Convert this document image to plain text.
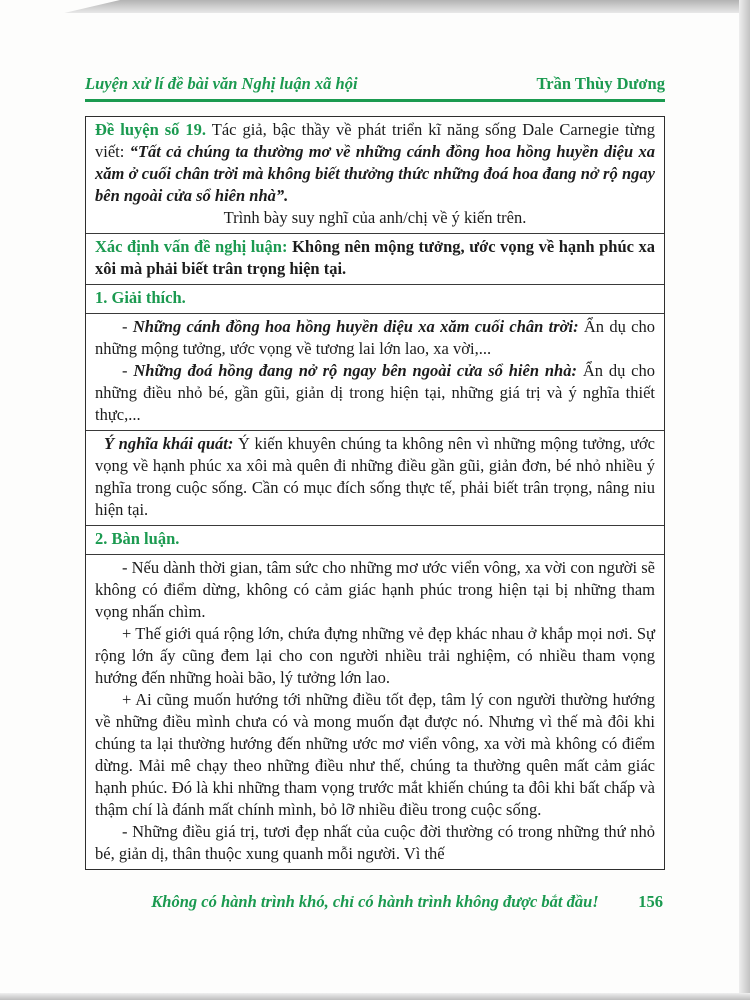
Luyện xử lí đề bài văn Nghị luận xã hội	Trần Thùy Dương

Đề luyện số 19. Tác giả, bậc thầy về phát triển kĩ năng sống Dale Carnegie từng viết: “Tất cả chúng ta thường mơ về những cánh đồng hoa hồng huyền diệu xa xăm ở cuối chân trời mà không biết thưởng thức những đoá hoa đang nở rộ ngay bên ngoài cửa sổ hiên nhà”.

Trình bày suy nghĩ của anh/chị về ý kiến trên.

Xác định vấn đề nghị luận: Không nên mộng tưởng, ước vọng về hạnh phúc xa xôi mà phải biết trân trọng hiện tại.

1. Giải thích.

- Những cánh đồng hoa hồng huyền diệu xa xăm cuối chân trời: Ẩn dụ cho những mộng tưởng, ước vọng về tương lai lớn lao, xa vời,...

- Những đoá hồng đang nở rộ ngay bên ngoài cửa sổ hiên nhà: Ẩn dụ cho những điều nhỏ bé, gần gũi, giản dị trong hiện tại, những giá trị và ý nghĩa thiết thực,...

Ý nghĩa khái quát: Ý kiến khuyên chúng ta không nên vì những mộng tưởng, ước vọng về hạnh phúc xa xôi mà quên đi những điều gần gũi, giản đơn, bé nhỏ nhiều ý nghĩa trong cuộc sống. Cần có mục đích sống thực tế, phải biết trân trọng, nâng niu hiện tại.

2. Bàn luận.

- Nếu dành thời gian, tâm sức cho những mơ ước viển vông, xa vời con người sẽ không có điểm dừng, không có cảm giác hạnh phúc trong hiện tại bị những tham vọng nhấn chìm.

+ Thế giới quá rộng lớn, chứa đựng những vẻ đẹp khác nhau ở khắp mọi nơi. Sự rộng lớn ấy cũng đem lại cho con người nhiều trải nghiệm, có nhiều tham vọng hướng đến những hoài bão, lý tưởng lớn lao.

+ Ai cũng muốn hướng tới những điều tốt đẹp, tâm lý con người thường hướng về những điều mình chưa có và mong muốn đạt được nó. Nhưng vì thế mà đôi khi chúng ta lại thường hướng đến những ước mơ viển vông, xa vời mà không có điểm dừng. Mải mê chạy theo những điều như thế, chúng ta thường quên mất cảm giác hạnh phúc. Đó là khi những tham vọng trước mắt khiến chúng ta đôi khi bất chấp và thậm chí là đánh mất chính mình, bỏ lỡ nhiều điều trong cuộc sống.

- Những điều giá trị, tươi đẹp nhất của cuộc đời thường có trong những thứ nhỏ bé, giản dị, thân thuộc xung quanh mỗi người. Vì thế

Không có hành trình khó, chỉ có hành trình không được bắt đầu! 156
